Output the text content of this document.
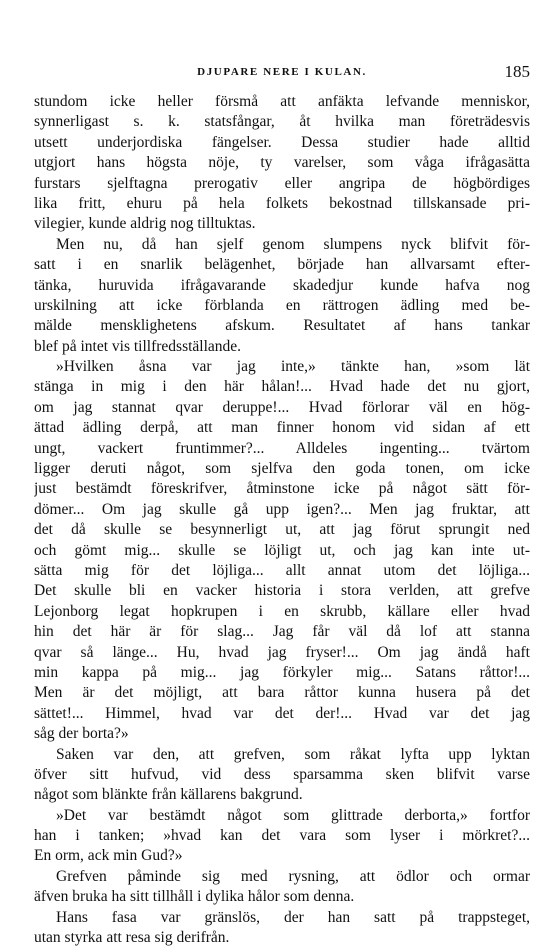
DJUPARE NERE I KULAN.	185
stundom icke heller försmå att anfäkta lefvande menniskor,
synnerligast s. k. statsfångar, åt hvilka man företrädesvis
utsett underjordiska fängelser. Dessa studier hade alltid
utgjort hans högsta nöje, ty varelser, som våga ifrågasätta
furstars sjelftagna prerogativ eller angripa de högbördiges
lika fritt, ehuru på hela folkets bekostnad tillskansade pri-
vilegier, kunde aldrig nog tilltuktas.
Men nu, då han sjelf genom slumpens nyck blifvit för-
satt i en snarlik belägenhet, började han allvarsamt efter-
tänka, huruvida ifrågavarande skadedjur kunde hafva nog
urskilning att icke förblanda en rättrogen ädling med be-
mälde mensklighetens afskum. Resultatet af hans tankar
blef på intet vis tillfredsställande.
»Hvilken åsna var jag inte,» tänkte han, »som lät
stänga in mig i den här hålan!... Hvad hade det nu gjort,
om jag stannat qvar deruppe!... Hvad förlorar väl en hög-
ättad ädling derpå, att man finner honom vid sidan af ett
ungt, vackert fruntimmer?... Alldeles ingenting... tvärtom
ligger deruti något, som sjelfva den goda tonen, om icke
just bestämdt föreskrifver, åtminstone icke på något sätt för-
dömer... Om jag skulle gå upp igen?... Men jag fruktar, att
det då skulle se besynnerligt ut, att jag förut sprungit ned
och gömt mig... skulle se löjligt ut, och jag kan inte ut-
sätta mig för det löjliga... allt annat utom det löjliga...
Det skulle bli en vacker historia i stora verlden, att grefve
Lejonborg legat hopkrupen i en skrubb, källare eller hvad
hin det här är för slag... Jag får väl då lof att stanna
qvar så länge... Hu, hvad jag fryser!... Om jag ändå haft
min kappa på mig... jag förkyler mig... Satans råttor!...
Men är det möjligt, att bara råttor kunna husera på det
sättet!... Himmel, hvad var det der!... Hvad var det jag
såg der borta?»
Saken var den, att grefven, som råkat lyfta upp lyktan
öfver sitt hufvud, vid dess sparsamma sken blifvit varse
något som blänkte från källarens bakgrund.
»Det var bestämdt något som glittrade derborta,» fortfor
han i tanken; »hvad kan det vara som lyser i mörkret?...
En orm, ack min Gud?»
Grefven påminde sig med rysning, att ödlor och ormar
äfven bruka ha sitt tillhåll i dylika hålor som denna.
Hans fasa var gränslös, der han satt på trappsteget,
utan styrka att resa sig derifrån.
